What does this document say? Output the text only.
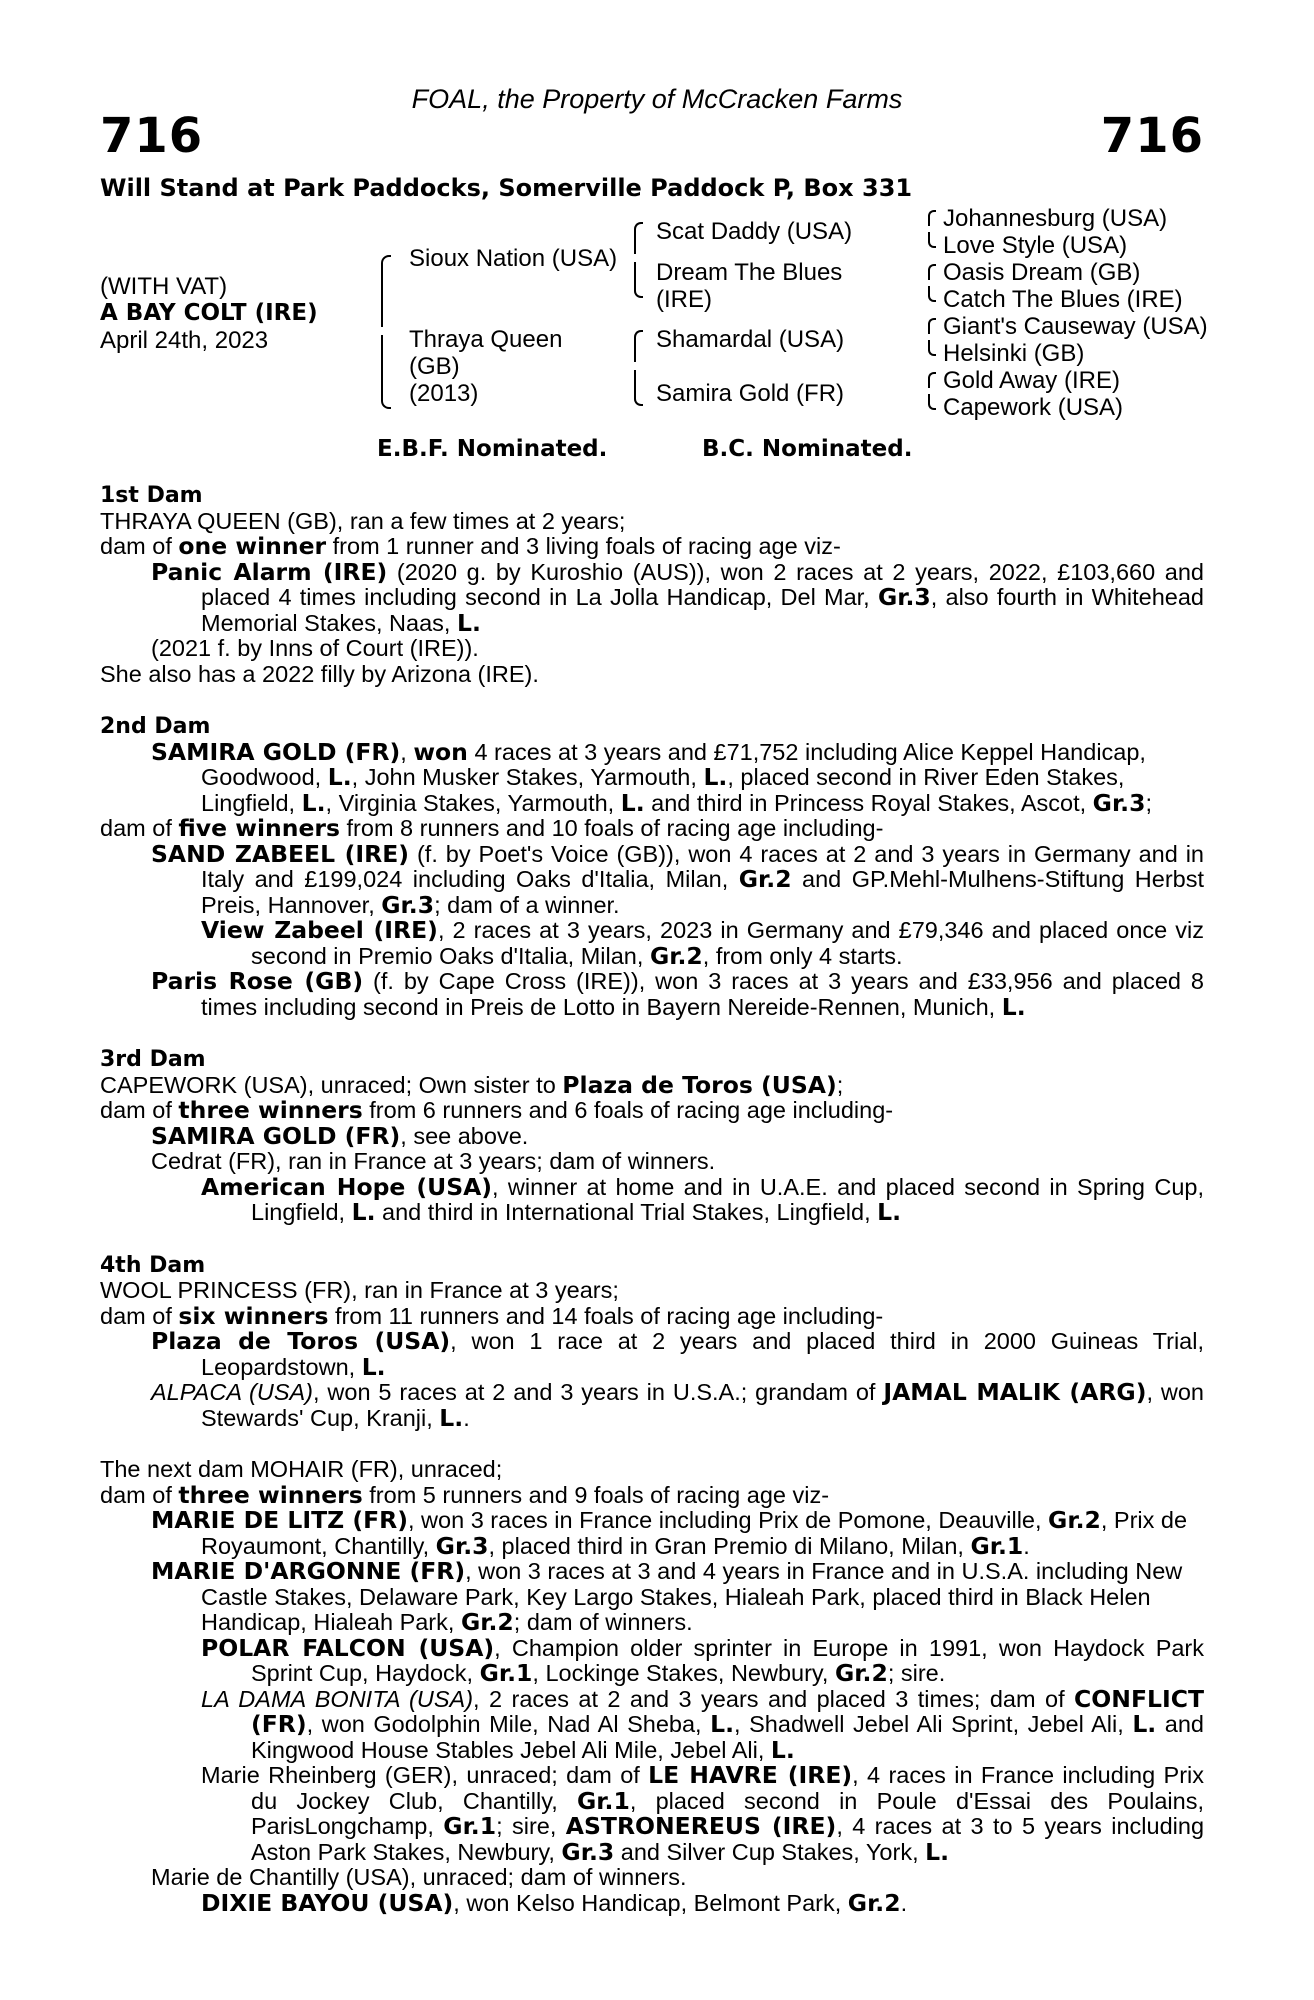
716
FOAL, the Property of McCracken Farms
716
Will Stand at Park Paddocks, Somerville Paddock P, Box 331
(WITH VAT)
A BAY COLT (IRE)
April 24th, 2023
Sioux Nation (USA)
Thraya Queen
(GB)
(2013)
Scat Daddy (USA)
Dream The Blues
(IRE)
Shamardal (USA)
Samira Gold (FR)
Johannesburg (USA)
Love Style (USA)
Oasis Dream (GB)
Catch The Blues (IRE)
Giant's Causeway (USA)
Helsinki (GB)
Gold Away (IRE)
Capework (USA)
E.B.F. Nominated.	B.C. Nominated.
1st Dam
THRAYA QUEEN (GB), ran a few times at 2 years;
dam of one winner from 1 runner and 3 living foals of racing age viz-
Panic Alarm (IRE) (2020 g. by Kuroshio (AUS)), won 2 races at 2 years, 2022, £103,660 and placed 4 times including second in La Jolla Handicap, Del Mar, Gr.3, also fourth in Whitehead Memorial Stakes, Naas, L.
(2021 f. by Inns of Court (IRE)).
She also has a 2022 filly by Arizona (IRE).
2nd Dam
SAMIRA GOLD (FR), won 4 races at 3 years and £71,752 including Alice Keppel Handicap, Goodwood, L., John Musker Stakes, Yarmouth, L., placed second in River Eden Stakes, Lingfield, L., Virginia Stakes, Yarmouth, L. and third in Princess Royal Stakes, Ascot, Gr.3;
dam of five winners from 8 runners and 10 foals of racing age including-
SAND ZABEEL (IRE) (f. by Poet's Voice (GB)), won 4 races at 2 and 3 years in Germany and in Italy and £199,024 including Oaks d'Italia, Milan, Gr.2 and GP.Mehl-Mulhens-Stiftung Herbst Preis, Hannover, Gr.3; dam of a winner.
View Zabeel (IRE), 2 races at 3 years, 2023 in Germany and £79,346 and placed once viz second in Premio Oaks d'Italia, Milan, Gr.2, from only 4 starts.
Paris Rose (GB) (f. by Cape Cross (IRE)), won 3 races at 3 years and £33,956 and placed 8 times including second in Preis de Lotto in Bayern Nereide-Rennen, Munich, L.
3rd Dam
CAPEWORK (USA), unraced; Own sister to Plaza de Toros (USA);
dam of three winners from 6 runners and 6 foals of racing age including-
SAMIRA GOLD (FR), see above.
Cedrat (FR), ran in France at 3 years; dam of winners.
American Hope (USA), winner at home and in U.A.E. and placed second in Spring Cup, Lingfield, L. and third in International Trial Stakes, Lingfield, L.
4th Dam
WOOL PRINCESS (FR), ran in France at 3 years;
dam of six winners from 11 runners and 14 foals of racing age including-
Plaza de Toros (USA), won 1 race at 2 years and placed third in 2000 Guineas Trial, Leopardstown, L.
ALPACA (USA), won 5 races at 2 and 3 years in U.S.A.; grandam of JAMAL MALIK (ARG), won Stewards' Cup, Kranji, L..
The next dam MOHAIR (FR), unraced;
dam of three winners from 5 runners and 9 foals of racing age viz-
MARIE DE LITZ (FR), won 3 races in France including Prix de Pomone, Deauville, Gr.2, Prix de Royaumont, Chantilly, Gr.3, placed third in Gran Premio di Milano, Milan, Gr.1.
MARIE D'ARGONNE (FR), won 3 races at 3 and 4 years in France and in U.S.A. including New Castle Stakes, Delaware Park, Key Largo Stakes, Hialeah Park, placed third in Black Helen Handicap, Hialeah Park, Gr.2; dam of winners.
POLAR FALCON (USA), Champion older sprinter in Europe in 1991, won Haydock Park Sprint Cup, Haydock, Gr.1, Lockinge Stakes, Newbury, Gr.2; sire.
LA DAMA BONITA (USA), 2 races at 2 and 3 years and placed 3 times; dam of CONFLICT (FR), won Godolphin Mile, Nad Al Sheba, L., Shadwell Jebel Ali Sprint, Jebel Ali, L. and Kingwood House Stables Jebel Ali Mile, Jebel Ali, L.
Marie Rheinberg (GER), unraced; dam of LE HAVRE (IRE), 4 races in France including Prix du Jockey Club, Chantilly, Gr.1, placed second in Poule d'Essai des Poulains, ParisLongchamp, Gr.1; sire, ASTRONEREUS (IRE), 4 races at 3 to 5 years including Aston Park Stakes, Newbury, Gr.3 and Silver Cup Stakes, York, L.
Marie de Chantilly (USA), unraced; dam of winners.
DIXIE BAYOU (USA), won Kelso Handicap, Belmont Park, Gr.2.
